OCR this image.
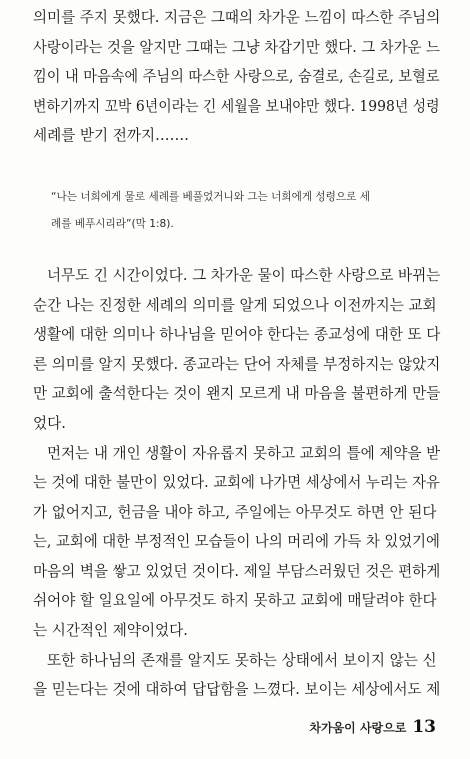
의미를 주지 못했다. 지금은 그때의 차가운 느낌이 따스한 주님의
사랑이라는 것을 알지만 그때는 그냥 차갑기만 했다. 그 차가운 느
낌이 내 마음속에 주님의 따스한 사랑으로, 숨결로, 손길로, 보혈로
변하기까지 꼬박 6년이라는 긴 세월을 보내야만 했다. 1998년 성령
세례를 받기 전까지…….
“나는 너희에게 물로 세례를 베풀었거니와 그는 너희에게 성령으로 세
례를 베푸시리라”(막 1:8).
너무도 긴 시간이었다. 그 차가운 물이 따스한 사랑으로 바뀌는
순간 나는 진정한 세례의 의미를 알게 되었으나 이전까지는 교회
생활에 대한 의미나 하나님을 믿어야 한다는 종교성에 대한 또 다
른 의미를 알지 못했다. 종교라는 단어 자체를 부정하지는 않았지
만 교회에 출석한다는 것이 왠지 모르게 내 마음을 불편하게 만들
었다.
먼저는 내 개인 생활이 자유롭지 못하고 교회의 틀에 제약을 받
는 것에 대한 불만이 있었다. 교회에 나가면 세상에서 누리는 자유
가 없어지고, 헌금을 내야 하고, 주일에는 아무것도 하면 안 된다
는, 교회에 대한 부정적인 모습들이 나의 머리에 가득 차 있었기에
마음의 벽을 쌓고 있었던 것이다. 제일 부담스러웠던 것은 편하게
쉬어야 할 일요일에 아무것도 하지 못하고 교회에 매달려야 한다
는 시간적인 제약이었다.
또한 하나님의 존재를 알지도 못하는 상태에서 보이지 않는 신
을 믿는다는 것에 대하여 답답함을 느꼈다. 보이는 세상에서도 제
차가움이 사랑으로 13
